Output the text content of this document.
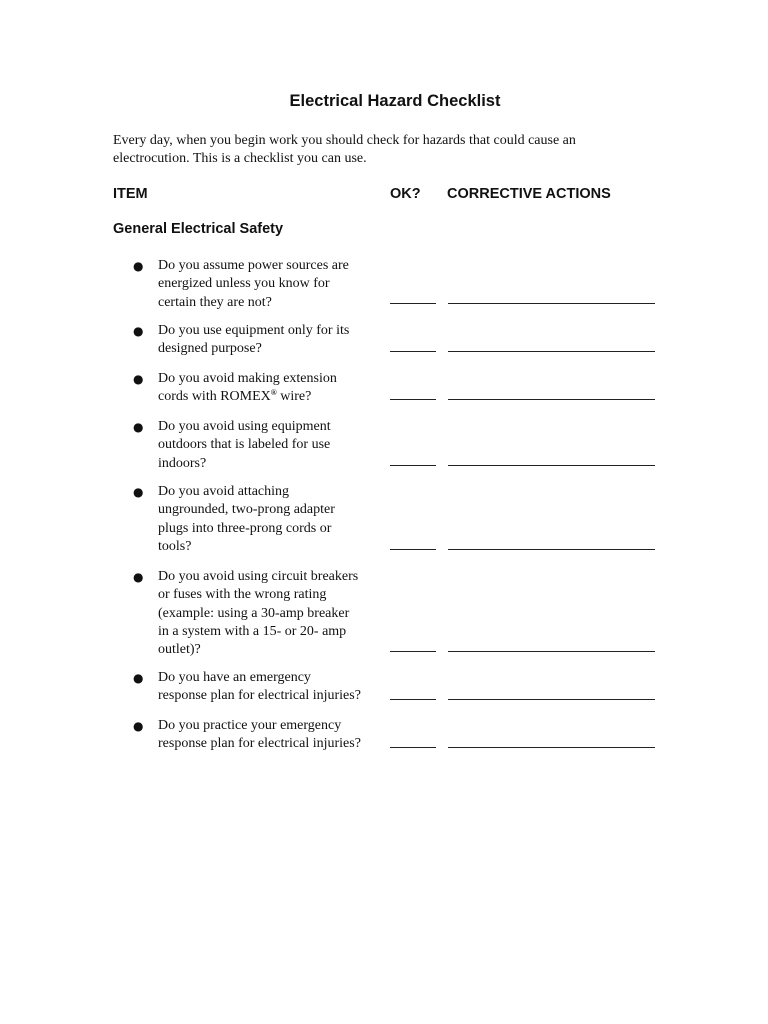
Electrical Hazard Checklist
Every day, when you begin work you should check for hazards that could cause an electrocution. This is a checklist you can use.
ITEM	OK? CORRECTIVE ACTIONS
General Electrical Safety
● Do you assume power sources are
energized unless you know for
certain they are not?
● Do you use equipment only for its
designed purpose?
● Do you avoid making extension
cords with ROMEX® wire?
● Do you avoid using equipment
outdoors that is labeled for use
indoors?
● Do you avoid attaching
ungrounded, two-prong adapter
plugs into three-prong cords or
tools?
● Do you avoid using circuit breakers
or fuses with the wrong rating
(example: using a 30-amp breaker
in a system with a 15- or 20- amp
outlet)?
● Do you have an emergency
response plan for electrical injuries?
● Do you practice your emergency
response plan for electrical injuries?
